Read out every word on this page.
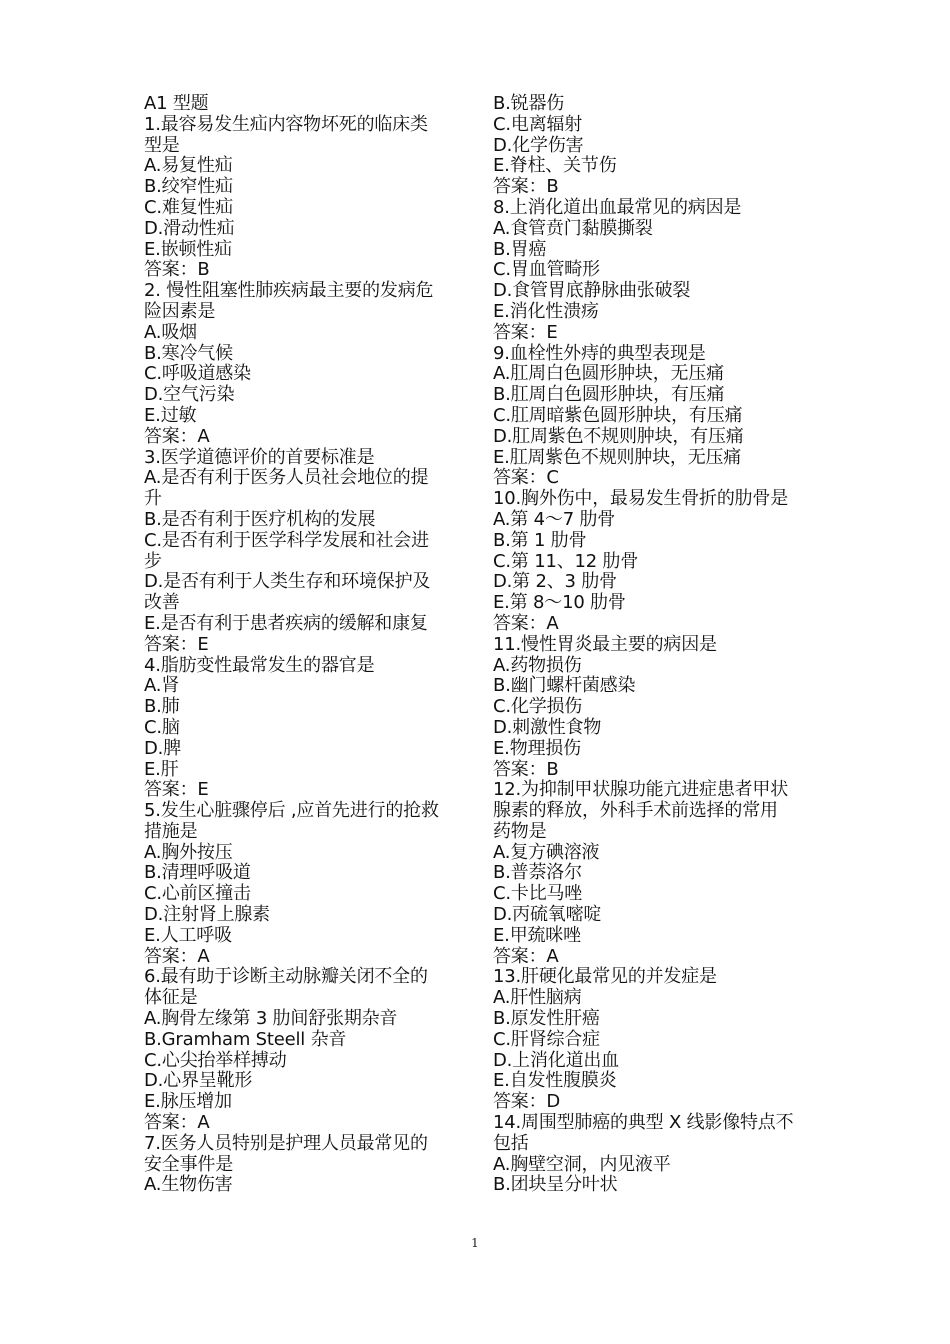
A1 型题
1.最容易发生疝内容物坏死的临床类
型是
A.易复性疝
B.绞窄性疝
C.难复性疝
D.滑动性疝
E.嵌顿性疝
答案：B
2. 慢性阻塞性肺疾病最主要的发病危
险因素是
A.吸烟
B.寒冷气候
C.呼吸道感染
D.空气污染
E.过敏
答案：A
3.医学道德评价的首要标准是
A.是否有利于医务人员社会地位的提
升
B.是否有利于医疗机构的发展
C.是否有利于医学科学发展和社会进
步
D.是否有利于人类生存和环境保护及
改善
E.是否有利于患者疾病的缓解和康复
答案：E
4.脂肪变性最常发生的器官是
A.肾
B.肺
C.脑
D.脾
E.肝
答案：E
5.发生心脏骤停后 ,应首先进行的抢救
措施是
A.胸外按压
B.清理呼吸道
C.心前区撞击
D.注射肾上腺素
E.人工呼吸
答案：A
6.最有助于诊断主动脉瓣关闭不全的
体征是
A.胸骨左缘第 3 肋间舒张期杂音
B.Gramham Steell 杂音
C.心尖抬举样搏动
D.心界呈靴形
E.脉压增加
答案：A
7.医务人员特别是护理人员最常见的
安全事件是
A.生物伤害
B.锐器伤
C.电离辐射
D.化学伤害
E.脊柱、关节伤
答案：B
8.上消化道出血最常见的病因是
A.食管贲门黏膜撕裂
B.胃癌
C.胃血管畸形
D.食管胃底静脉曲张破裂
E.消化性溃疡
答案：E
9.血栓性外痔的典型表现是
A.肛周白色圆形肿块，无压痛
B.肛周白色圆形肿块，有压痛
C.肛周暗紫色圆形肿块，有压痛
D.肛周紫色不规则肿块，有压痛
E.肛周紫色不规则肿块，无压痛
答案：C
10.胸外伤中，最易发生骨折的肋骨是
A.第 4～7 肋骨
B.第 1 肋骨
C.第 11、12 肋骨
D.第 2、3 肋骨
E.第 8～10 肋骨
答案：A
11.慢性胃炎最主要的病因是
A.药物损伤
B.幽门螺杆菌感染
C.化学损伤
D.刺激性食物
E.物理损伤
答案：B
12.为抑制甲状腺功能亢进症患者甲状
腺素的释放，外科手术前选择的常用
药物是
A.复方碘溶液
B.普萘洛尔
C.卡比马唑
D.丙硫氧嘧啶
E.甲巯咪唑
答案：A
13.肝硬化最常见的并发症是
A.肝性脑病
B.原发性肝癌
C.肝肾综合症
D.上消化道出血
E.自发性腹膜炎
答案：D
14.周围型肺癌的典型 X 线影像特点不
包括
A.胸壁空洞，内见液平
B.团块呈分叶状
1
